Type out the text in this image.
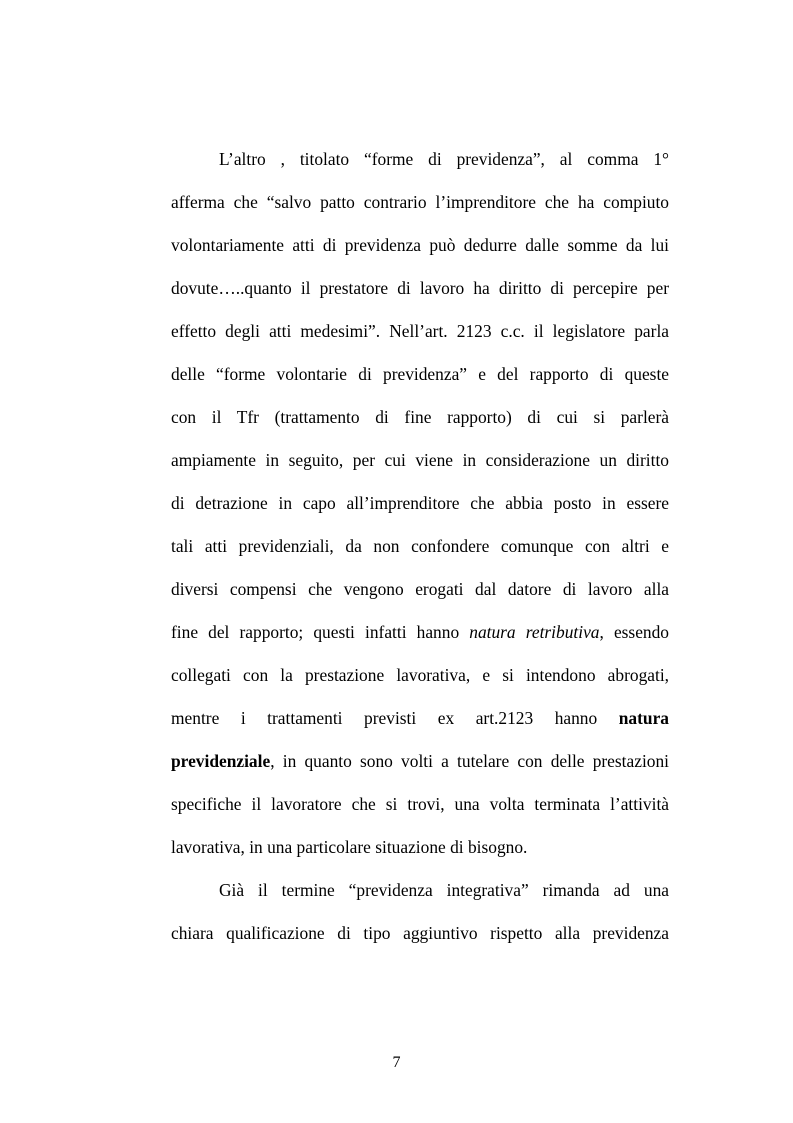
L’altro , titolato “forme di previdenza”, al comma 1°
afferma che “salvo patto contrario l’imprenditore che ha compiuto
volontariamente atti di previdenza può dedurre dalle somme da lui
dovute…..quanto il prestatore di lavoro ha diritto di percepire per
effetto degli atti medesimi”. Nell’art. 2123 c.c. il legislatore parla
delle “forme volontarie di previdenza” e del rapporto di queste
con il Tfr (trattamento di fine rapporto) di cui si parlerà
ampiamente in seguito, per cui viene in considerazione un diritto
di detrazione in capo all’imprenditore che abbia posto in essere
tali atti previdenziali, da non confondere comunque con altri e
diversi compensi che vengono erogati dal datore di lavoro alla
fine del rapporto; questi infatti hanno natura retributiva, essendo
collegati con la prestazione lavorativa, e si intendono abrogati,
mentre i trattamenti previsti ex art.2123 hanno natura
previdenziale, in quanto sono volti a tutelare con delle prestazioni
specifiche il lavoratore che si trovi, una volta terminata l’attività
lavorativa, in una particolare situazione di bisogno.
Già il termine “previdenza integrativa” rimanda ad una
chiara qualificazione di tipo aggiuntivo rispetto alla previdenza
7
